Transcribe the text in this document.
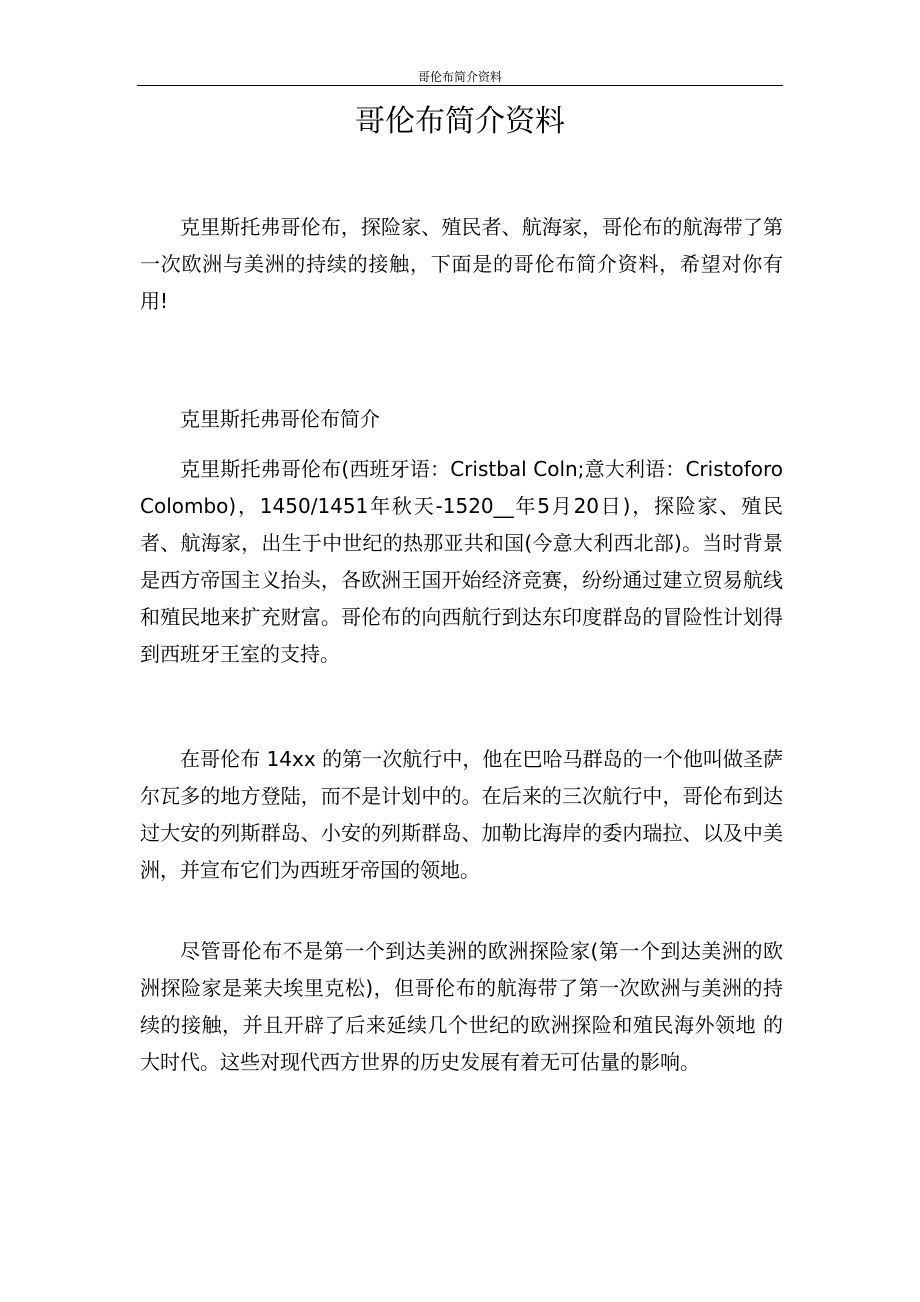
哥伦布简介资料
哥伦布简介资料

克里斯托弗哥伦布，探险家、殖民者、航海家，哥伦布的航海带了第一次欧洲与美洲的持续的接触，下面是的哥伦布简介资料，希望对你有用!

克里斯托弗哥伦布简介

克里斯托弗哥伦布(西班牙语：Cristbal Coln;意大利语：Cristoforo Colombo)，1450/1451年秋天-1520__年5月20日)，探险家、殖民者、航海家，出生于中世纪的热那亚共和国(今意大利西北部)。当时背景是西方帝国主义抬头，各欧洲王国开始经济竞赛，纷纷通过建立贸易航线和殖民地来扩充财富。哥伦布的向西航行到达东印度群岛的冒险性计划得到西班牙王室的支持。

在哥伦布 14xx 的第一次航行中，他在巴哈马群岛的一个他叫做圣萨尔瓦多的地方登陆，而不是计划中的。在后来的三次航行中，哥伦布到达过大安的列斯群岛、小安的列斯群岛、加勒比海岸的委内瑞拉、以及中美洲，并宣布它们为西班牙帝国的领地。

尽管哥伦布不是第一个到达美洲的欧洲探险家(第一个到达美洲的欧洲探险家是莱夫埃里克松)，但哥伦布的航海带了第一次欧洲与美洲的持续的接触，并且开辟了后来延续几个世纪的欧洲探险和殖民海外领地 的大时代。这些对现代西方世界的历史发展有着无可估量的影响。
